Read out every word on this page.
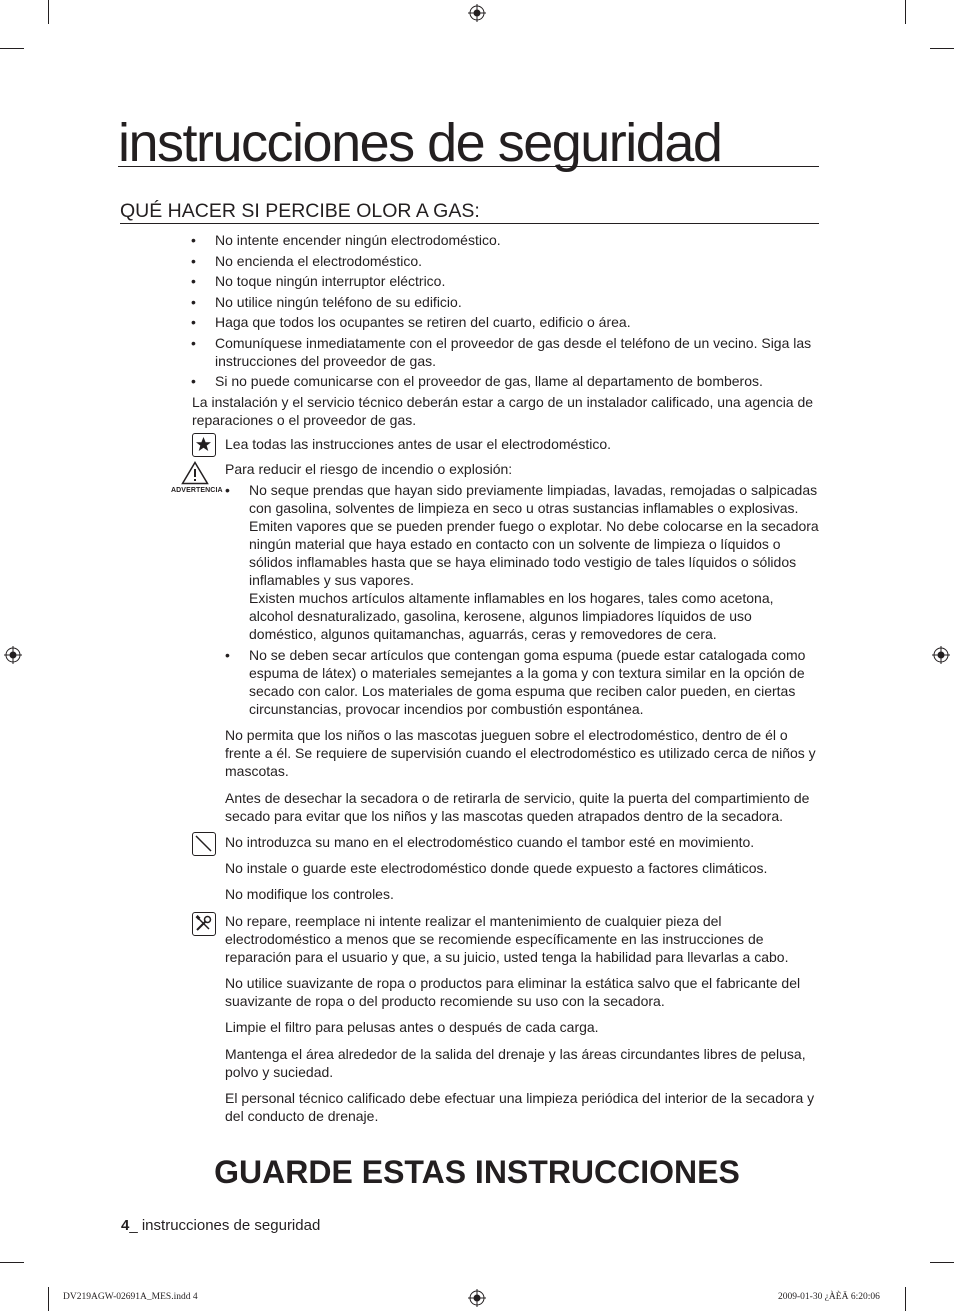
instrucciones de seguridad
QUÉ HACER SI PERCIBE OLOR A GAS:
• No intente encender ningún electrodoméstico.
• No encienda el electrodoméstico.
• No toque ningún interruptor eléctrico.
• No utilice ningún teléfono de su edificio.
• Haga que todos los ocupantes se retiren del cuarto, edificio o área.
• Comuníquese inmediatamente con el proveedor de gas desde el teléfono de un vecino. Siga las instrucciones del proveedor de gas.
• Si no puede comunicarse con el proveedor de gas, llame al departamento de bomberos.
La instalación y el servicio técnico deberán estar a cargo de un instalador calificado, una agencia de reparaciones o el proveedor de gas.
Lea todas las instrucciones antes de usar el electrodoméstico.
ADVERTENCIA
Para reducir el riesgo de incendio o explosión:
• No seque prendas que hayan sido previamente limpiadas, lavadas, remojadas o salpicadas con gasolina, solventes de limpieza en seco u otras sustancias inflamables o explosivas. Emiten vapores que se pueden prender fuego o explotar. No debe colocarse en la secadora ningún material que haya estado en contacto con un solvente de limpieza o líquidos o sólidos inflamables hasta que se haya eliminado todo vestigio de tales líquidos o sólidos inflamables y sus vapores.
Existen muchos artículos altamente inflamables en los hogares, tales como acetona, alcohol desnaturalizado, gasolina, kerosene, algunos limpiadores líquidos de uso doméstico, algunos quitamanchas, aguarrás, ceras y removedores de cera.
• No se deben secar artículos que contengan goma espuma (puede estar catalogada como espuma de látex) o materiales semejantes a la goma y con textura similar en la opción de secado con calor. Los materiales de goma espuma que reciben calor pueden, en ciertas circunstancias, provocar incendios por combustión espontánea.
No permita que los niños o las mascotas jueguen sobre el electrodoméstico, dentro de él o frente a él. Se requiere de supervisión cuando el electrodoméstico es utilizado cerca de niños y mascotas.
Antes de desechar la secadora o de retirarla de servicio, quite la puerta del compartimiento de secado para evitar que los niños y las mascotas queden atrapados dentro de la secadora.
No introduzca su mano en el electrodoméstico cuando el tambor esté en movimiento.
No instale o guarde este electrodoméstico donde quede expuesto a factores climáticos.
No modifique los controles.
No repare, reemplace ni intente realizar el mantenimiento de cualquier pieza del electrodoméstico a menos que se recomiende específicamente en las instrucciones de reparación para el usuario y que, a su juicio, usted tenga la habilidad para llevarlas a cabo.
No utilice suavizante de ropa o productos para eliminar la estática salvo que el fabricante del suavizante de ropa o del producto recomiende su uso con la secadora.
Limpie el filtro para pelusas antes o después de cada carga.
Mantenga el área alrededor de la salida del drenaje y las áreas circundantes libres de pelusa, polvo y suciedad.
El personal técnico calificado debe efectuar una limpieza periódica del interior de la secadora y del conducto de drenaje.
GUARDE ESTAS INSTRUCCIONES
4_ instrucciones de seguridad
DV219AGW-02691A_MES.indd 4	2009-01-30 ¿ÀÈÄ 6:20:06
